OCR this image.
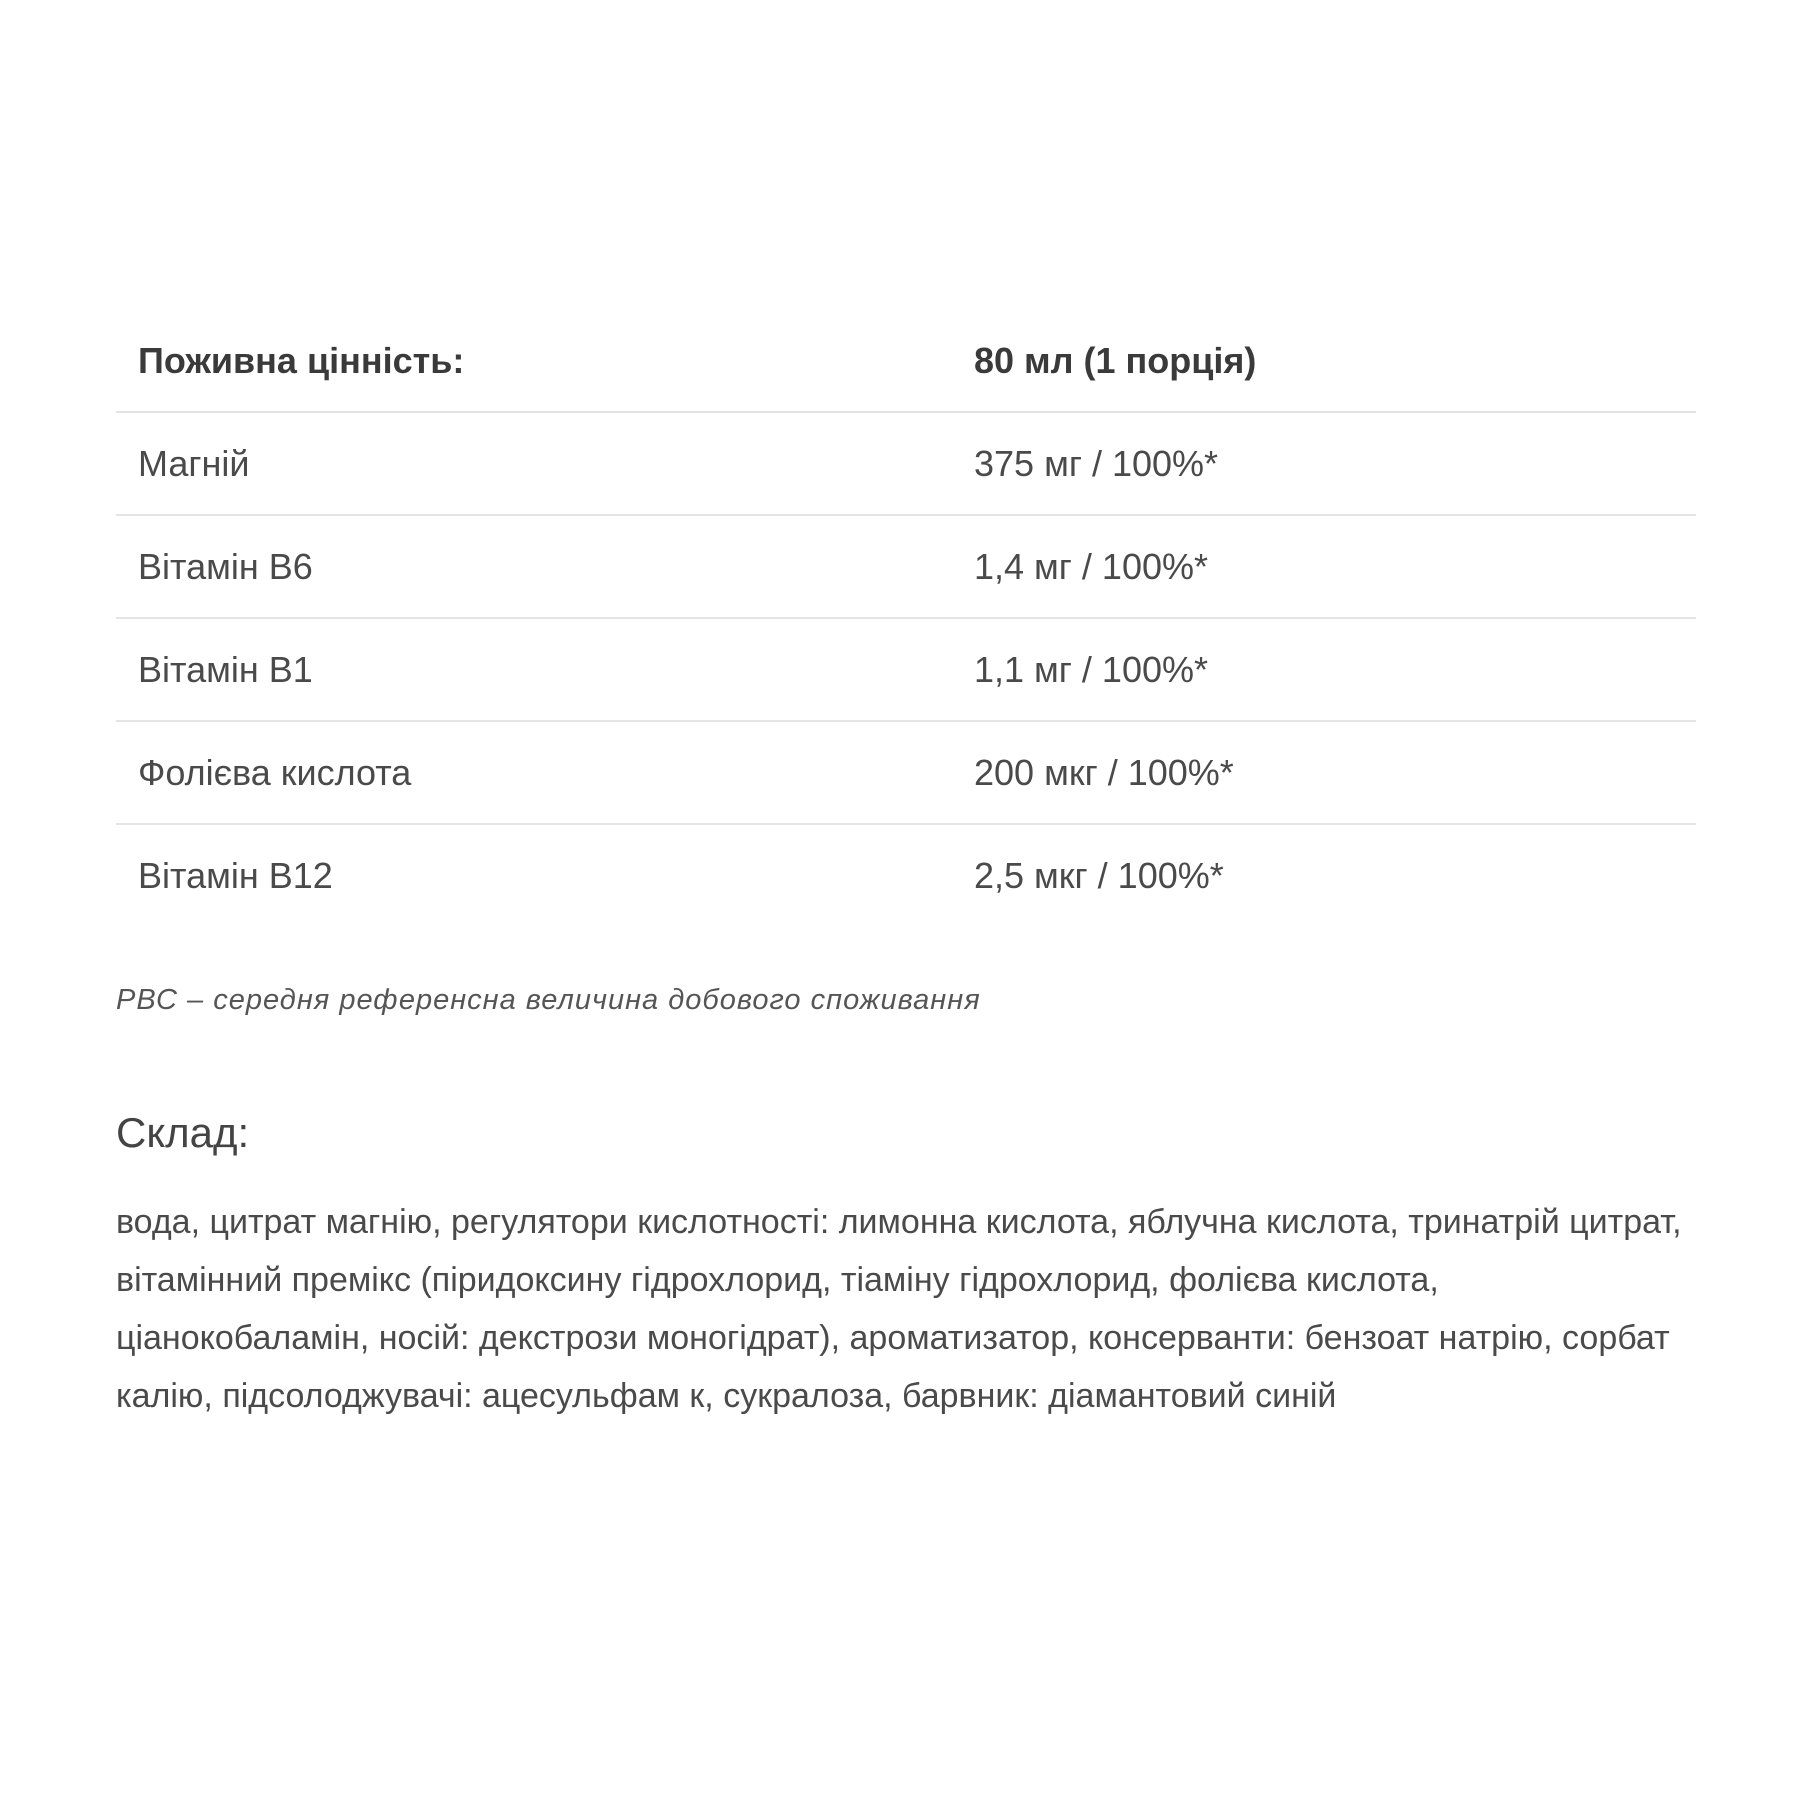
Поживна цінність:	80 мл (1 порція)
Магній	375 мг / 100%*
Вітамін В6	1,4 мг / 100%*
Вітамін В1	1,1 мг / 100%*
Фолієва кислота	200 мкг / 100%*
Вітамін В12	2,5 мкг / 100%*
РВС – середня референсна величина добового споживання
Склад:
вода, цитрат магнію, регулятори кислотності: лимонна кислота, яблучна кислота, тринатрій цитрат, вітамінний премікс (піридоксину гідрохлорид, тіаміну гідрохлорид, фолієва кислота, ціанокобаламін, носій: декстрози моногідрат), ароматизатор, консерванти: бензоат натрію, сорбат калію, підсолоджувачі: ацесульфам к, сукралоза, барвник: діамантовий синій
